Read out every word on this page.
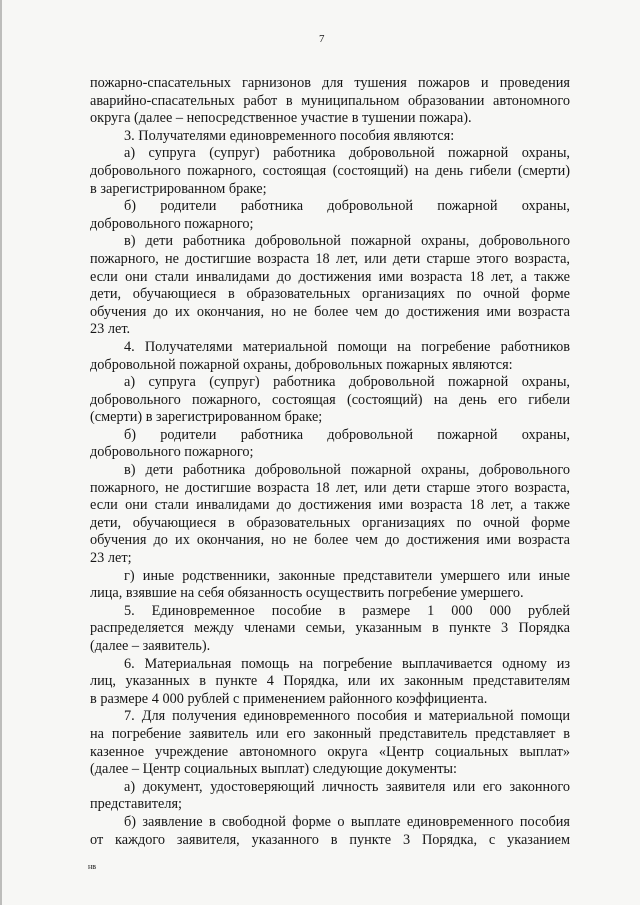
7
пожарно-спасательных гарнизонов для тушения пожаров и проведения
аварийно-спасательных работ в муниципальном образовании автономного
округа (далее – непосредственное участие в тушении пожара).
3. Получателями единовременного пособия являются:
а) супруга (супруг) работника добровольной пожарной охраны,
добровольного пожарного, состоящая (состоящий) на день гибели (смерти)
в зарегистрированном браке;
б) родители работника добровольной пожарной охраны,
добровольного пожарного;
в) дети работника добровольной пожарной охраны, добровольного
пожарного, не достигшие возраста 18 лет, или дети старше этого возраста,
если они стали инвалидами до достижения ими возраста 18 лет, а также
дети, обучающиеся в образовательных организациях по очной форме
обучения до их окончания, но не более чем до достижения ими возраста
23 лет.
4. Получателями материальной помощи на погребение работников
добровольной пожарной охраны, добровольных пожарных являются:
а) супруга (супруг) работника добровольной пожарной охраны,
добровольного пожарного, состоящая (состоящий) на день его гибели
(смерти) в зарегистрированном браке;
б) родители работника добровольной пожарной охраны,
добровольного пожарного;
в) дети работника добровольной пожарной охраны, добровольного
пожарного, не достигшие возраста 18 лет, или дети старше этого возраста,
если они стали инвалидами до достижения ими возраста 18 лет, а также
дети, обучающиеся в образовательных организациях по очной форме
обучения до их окончания, но не более чем до достижения ими возраста
23 лет;
г) иные родственники, законные представители умершего или иные
лица, взявшие на себя обязанность осуществить погребение умершего.
5. Единовременное пособие в размере 1 000 000 рублей
распределяется между членами семьи, указанным в пункте 3 Порядка
(далее – заявитель).
6. Материальная помощь на погребение выплачивается одному из
лиц, указанных в пункте 4 Порядка, или их законным представителям
в размере 4 000 рублей с применением районного коэффициента.
7. Для получения единовременного пособия и материальной помощи
на погребение заявитель или его законный представитель представляет в
казенное учреждение автономного округа «Центр социальных выплат»
(далее – Центр социальных выплат) следующие документы:
а) документ, удостоверяющий личность заявителя или его законного
представителя;
б) заявление в свободной форме о выплате единовременного пособия
от каждого заявителя, указанного в пункте 3 Порядка, с указанием
нв
